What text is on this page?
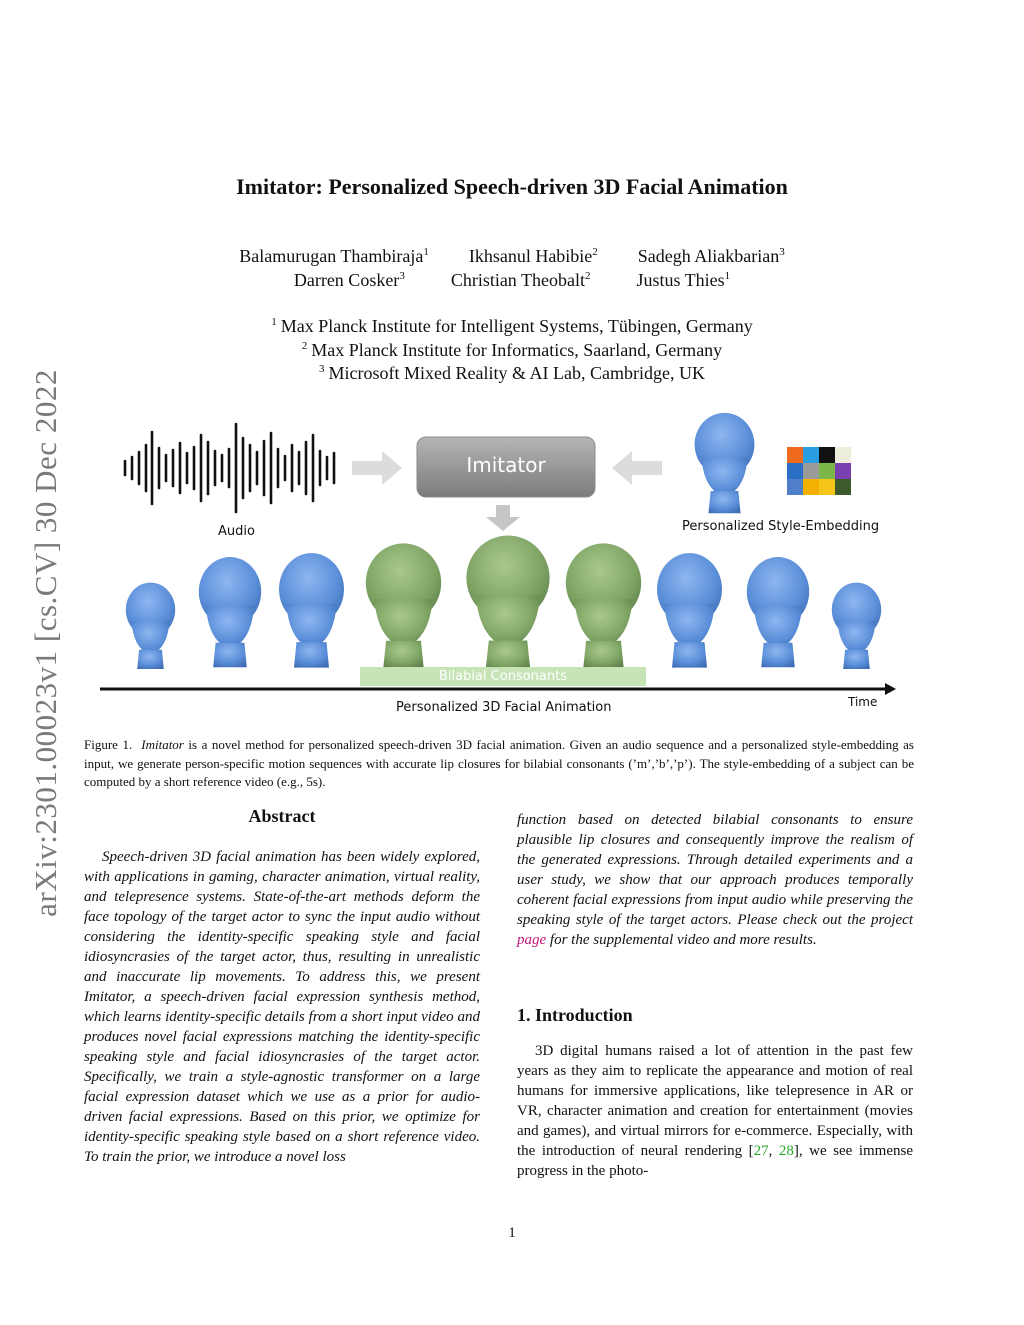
arXiv:2301.00023v1 [cs.CV] 30 Dec 2022
Imitator: Personalized Speech-driven 3D Facial Animation
Balamurugan Thambiraja$^1$ Ikhsanul Habibie$^2$ Sadegh Aliakbarian$^3$
Darren Cosker$^3$	Christian Theobalt$^2$	Justus Thies$^1$
$^1$ Max Planck Institute for Intelligent Systems, Tübingen, Germany
$^2$ Max Planck Institute for Informatics, Saarland, Germany
$^3$ Microsoft Mixed Reality & AI Lab, Cambridge, UK
Imitator
Audio	Personalized Style-Embedding
Bilabial Consonants
Personalized 3D Facial Animation	Time
Figure 1. Imitator is a novel method for personalized speech-driven 3D facial animation. Given an audio sequence and a personalized style-embedding as input, we generate person-specific motion sequences with accurate lip closures for bilabial consonants (’m’,’b’,’p’). The style-embedding of a subject can be computed by a short reference video (e.g., 5s).
Abstract
Speech-driven 3D facial animation has been widely explored, with applications in gaming, character animation, virtual reality, and telepresence systems. State-of-the-art methods deform the face topology of the target actor to sync the input audio without considering the identity-specific speaking style and facial idiosyncrasies of the target actor, thus, resulting in unrealistic and inaccurate lip movements. To address this, we present Imitator, a speech-driven facial expression synthesis method, which learns identity-specific details from a short input video and produces novel facial expressions matching the identity-specific speaking style and facial idiosyncrasies of the target actor. Specifically, we train a style-agnostic transformer on a large facial expression dataset which we use as a prior for audio-driven facial expressions. Based on this prior, we optimize for identity-specific speaking style based on a short reference video. To train the prior, we introduce a novel loss
function based on detected bilabial consonants to ensure plausible lip closures and consequently improve the realism of the generated expressions. Through detailed experiments and a user study, we show that our approach produces temporally coherent facial expressions from input audio while preserving the speaking style of the target actors. Please check out the project page for the supplemental video and more results.
1. Introduction
3D digital humans raised a lot of attention in the past few years as they aim to replicate the appearance and motion of real humans for immersive applications, like telepresence in AR or VR, character animation and creation for entertainment (movies and games), and virtual mirrors for e-commerce. Especially, with the introduction of neural rendering [27, 28], we see immense progress in the photo-
1
